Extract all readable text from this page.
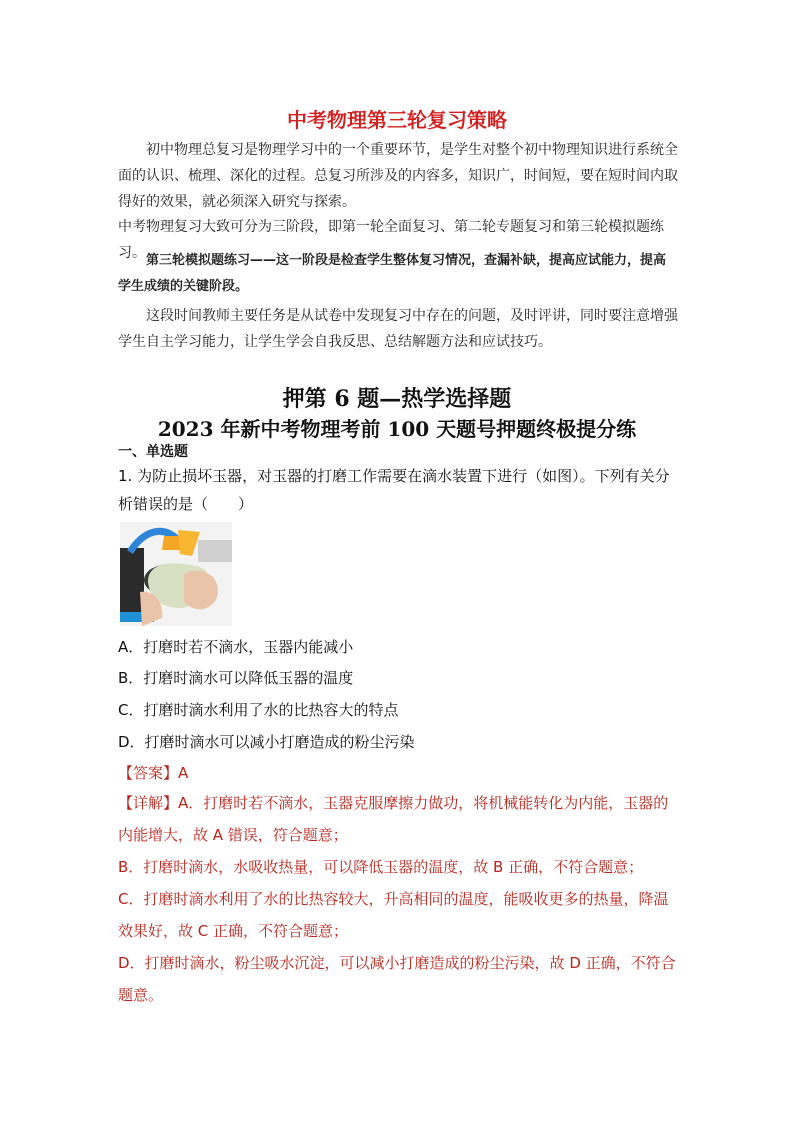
中考物理第三轮复习策略
初中物理总复习是物理学习中的一个重要环节，是学生对整个初中物理知识进行系统全面的认识、梳理、深化的过程。总复习所涉及的内容多，知识广，时间短，要在短时间内取得好的效果，就必须深入研究与探索。
中考物理复习大致可分为三阶段，即第一轮全面复习、第二轮专题复习和第三轮模拟题练习。 第三轮模拟题练习——这一阶段是检查学生整体复习情况，查漏补缺，提高应试能力，提高学生成绩的关键阶段。
这段时间教师主要任务是从试卷中发现复习中存在的问题，及时评讲，同时要注意增强学生自主学习能力，让学生学会自我反思、总结解题方法和应试技巧。
押第 6 题—热学选择题
2023 年新中考物理考前 100 天题号押题终极提分练
一、单选题
1. 为防止损坏玉器，对玉器的打磨工作需要在滴水装置下进行（如图）。下列有关分析错误的是（　　）
A．打磨时若不滴水，玉器内能减小
B．打磨时滴水可以降低玉器的温度
C．打磨时滴水利用了水的比热容大的特点
D．打磨时滴水可以减小打磨造成的粉尘污染
【答案】A
【详解】A．打磨时若不滴水，玉器克服摩擦力做功，将机械能转化为内能，玉器的内能增大，故 A 错误，符合题意；
B．打磨时滴水，水吸收热量，可以降低玉器的温度，故 B 正确，不符合题意；
C．打磨时滴水利用了水的比热容较大，升高相同的温度，能吸收更多的热量，降温效果好，故 C 正确，不符合题意；
D．打磨时滴水，粉尘吸水沉淀，可以减小打磨造成的粉尘污染，故 D 正确，不符合题意。
